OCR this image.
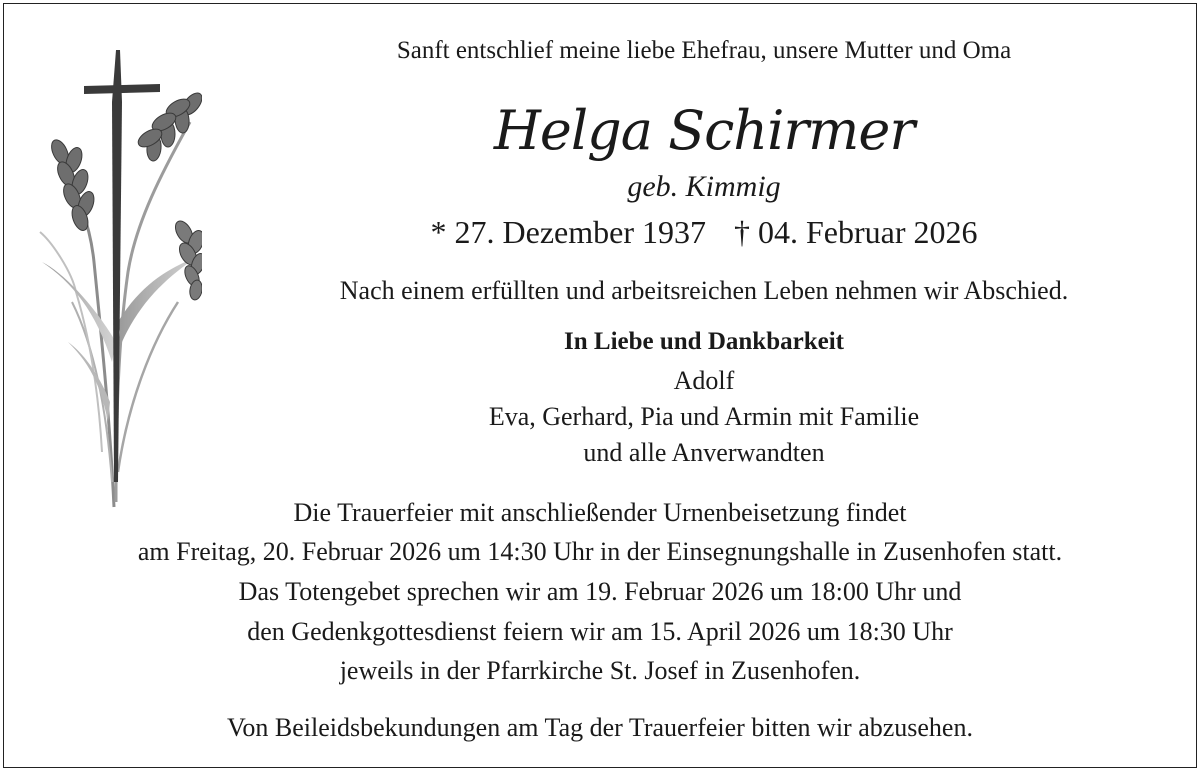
Sanft entschlief meine liebe Ehefrau, unsere Mutter und Oma
Helga Schirmer
geb. Kimmig
* 27. Dezember 1937 † 04. Februar 2026
Nach einem erfüllten und arbeitsreichen Leben nehmen wir Abschied.
In Liebe und Dankbarkeit
Adolf
Eva, Gerhard, Pia und Armin mit Familie
und alle Anverwandten
Die Trauerfeier mit anschließender Urnenbeisetzung findet
am Freitag, 20. Februar 2026 um 14:30 Uhr in der Einsegnungshalle in Zusenhofen statt.
Das Totengebet sprechen wir am 19. Februar 2026 um 18:00 Uhr und
den Gedenkgottesdienst feiern wir am 15. April 2026 um 18:30 Uhr
jeweils in der Pfarrkirche St. Josef in Zusenhofen.
Von Beileidsbekundungen am Tag der Trauerfeier bitten wir abzusehen.
